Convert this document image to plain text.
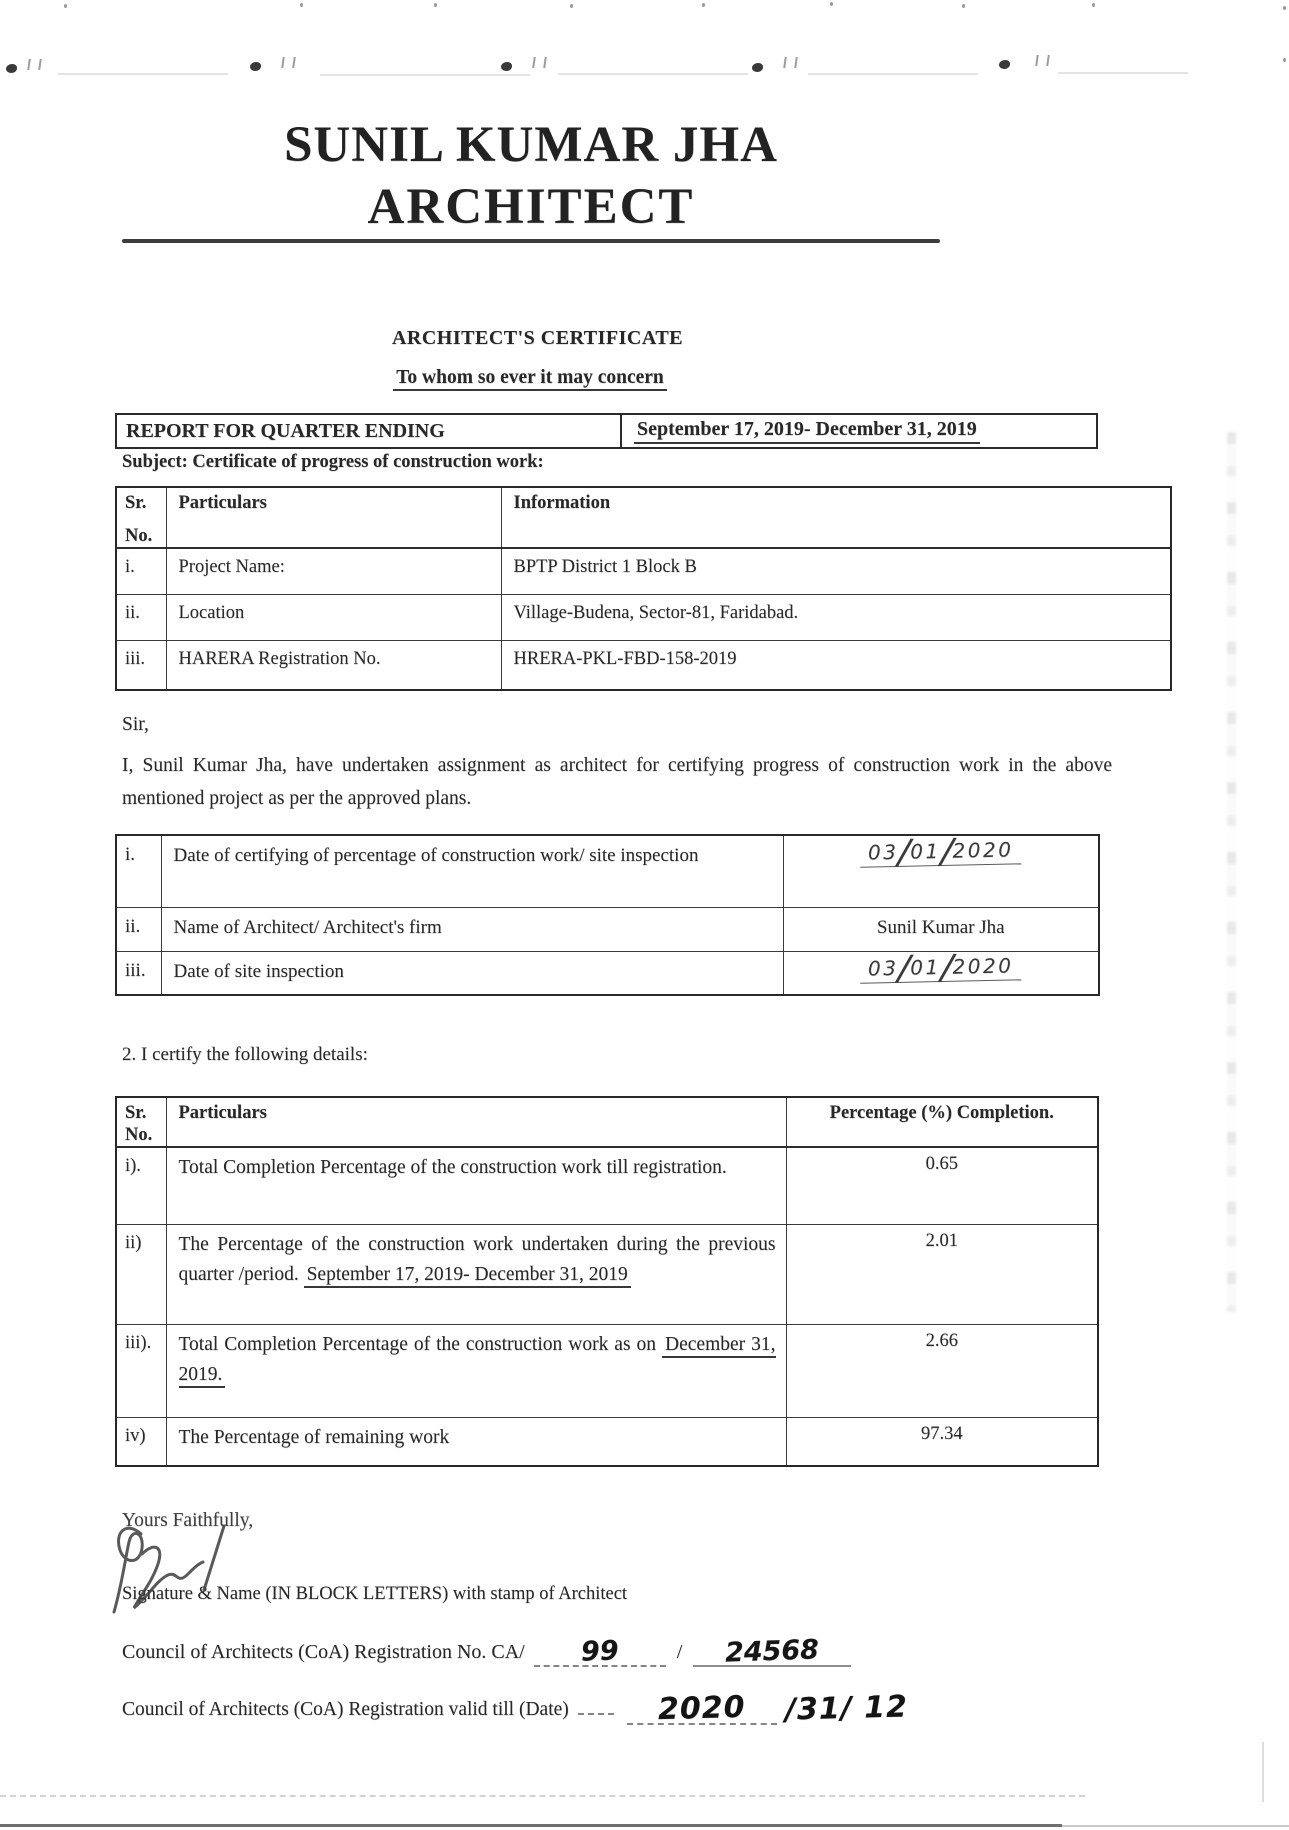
SUNIL KUMAR JHA
ARCHITECT
ARCHITECT'S CERTIFICATE
To whom so ever it may concern
REPORT FOR QUARTER ENDING	September 17, 2019- December 31, 2019
Subject: Certificate of progress of construction work:
Sr.
No.	Particulars	Information
i.	Project Name:	BPTP District 1 Block B
ii.	Location	Village-Budena, Sector-81, Faridabad.
iii.	HARERA Registration No.	HRERA-PKL-FBD-158-2019
Sir,

I, Sunil Kumar Jha, have undertaken assignment as architect for certifying progress of construction work in the above mentioned project as per the approved plans.

i.	Date of certifying of percentage of construction work/ site inspection	03/01/2020
ii.	Name of Architect/ Architect's firm	Sunil Kumar Jha
iii.	Date of site inspection	03/01/2020
2. I certify the following details:
Sr.
No.	Particulars	Percentage (%) Completion.
i).	Total Completion Percentage of the construction work till registration.	0.65
ii)	The Percentage of the construction work undertaken during the previous quarter /period. September 17, 2019- December 31, 2019	2.01
iii).	Total Completion Percentage of the construction work as on December 31, 2019.	2.66
iv)	The Percentage of remaining work	97.34
Yours Faithfully,
Signature & Name (IN BLOCK LETTERS) with stamp of Architect
Council of Architects (CoA) Registration No. CA/ 99	/ 24568
Council of Architects (CoA) Registration valid till (Date)	2020 /31/ 12
